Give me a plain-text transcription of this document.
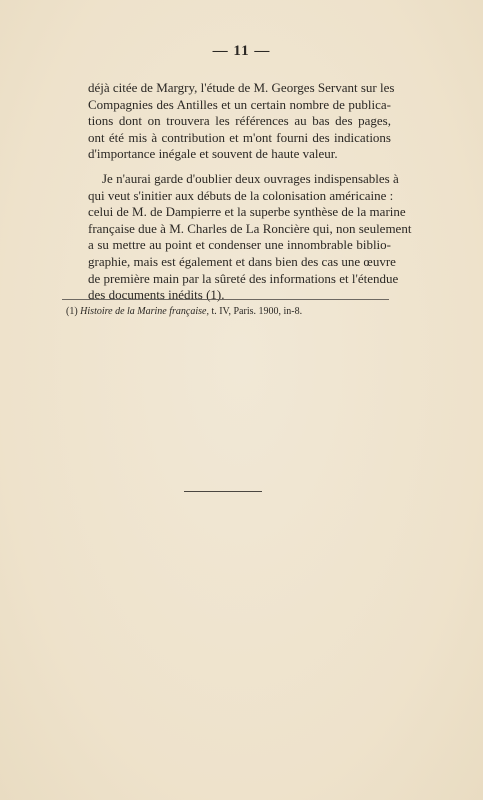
— 11 —

déjà citée de Margry, l'étude de M. Georges Servant sur les
Compagnies des Antilles et un certain nombre de publica-
tions dont on trouvera les références au bas des pages,
ont été mis à contribution et m'ont fourni des indications
d'importance inégale et souvent de haute valeur.

Je n'aurai garde d'oublier deux ouvrages indispensables à
qui veut s'initier aux débuts de la colonisation américaine :
celui de M. de Dampierre et la superbe synthèse de la marine
française due à M. Charles de La Roncière qui, non seulement
a su mettre au point et condenser une innombrable biblio-
graphie, mais est également et dans bien des cas une œuvre
de première main par la sûreté des informations et l'étendue
des documents inédits (1).

(1) Histoire de la Marine française, t. IV, Paris. 1900, in-8.
